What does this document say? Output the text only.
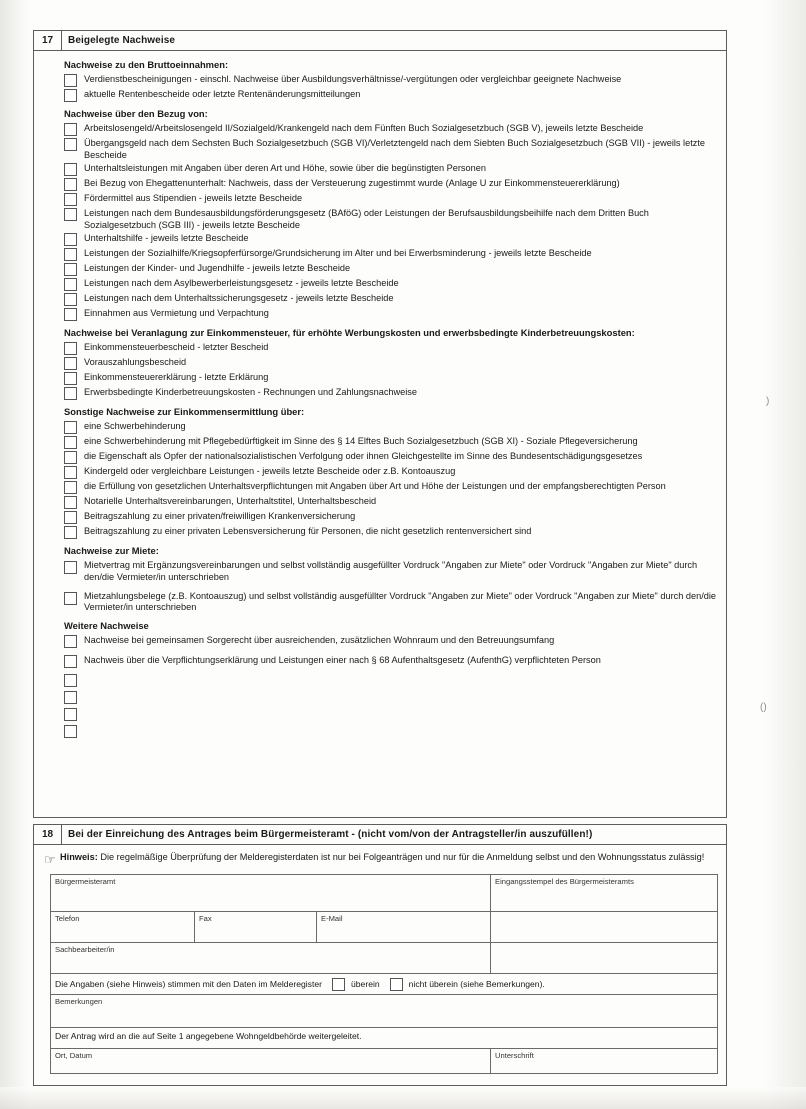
17	Beigelegte Nachweise
Nachweise zu den Bruttoeinnahmen:
Verdienstbescheinigungen - einschl. Nachweise über Ausbildungsverhältnisse/-vergütungen oder vergleichbar geeignete Nachweise
aktuelle Rentenbescheide oder letzte Rentenänderungsmitteilungen
Nachweise über den Bezug von:
Arbeitslosengeld/Arbeitslosengeld II/Sozialgeld/Krankengeld nach dem Fünften Buch Sozialgesetzbuch (SGB V), jeweils letzte Bescheide
Übergangsgeld nach dem Sechsten Buch Sozialgesetzbuch (SGB VI)/Verletztengeld nach dem Siebten Buch Sozialgesetzbuch (SGB VII) - jeweils letzte Bescheide
Unterhaltsleistungen mit Angaben über deren Art und Höhe, sowie über die begünstigten Personen
Bei Bezug von Ehegattenunterhalt: Nachweis, dass der Versteuerung zugestimmt wurde (Anlage U zur Einkommensteuererklärung)
Fördermittel aus Stipendien - jeweils letzte Bescheide
Leistungen nach dem Bundesausbildungsförderungsgesetz (BAföG) oder Leistungen der Berufsausbildungsbeihilfe nach dem Dritten Buch Sozialgesetzbuch (SGB III) - jeweils letzte Bescheide
Unterhaltshilfe - jeweils letzte Bescheide
Leistungen der Sozialhilfe/Kriegsopferfürsorge/Grundsicherung im Alter und bei Erwerbsminderung - jeweils letzte Bescheide
Leistungen der Kinder- und Jugendhilfe - jeweils letzte Bescheide
Leistungen nach dem Asylbewerberleistungsgesetz - jeweils letzte Bescheide
Leistungen nach dem Unterhaltssicherungsgesetz - jeweils letzte Bescheide
Einnahmen aus Vermietung und Verpachtung
Nachweise bei Veranlagung zur Einkommensteuer, für erhöhte Werbungskosten und erwerbsbedingte Kinderbetreuungskosten:
Einkommensteuerbescheid - letzter Bescheid
Vorauszahlungsbescheid
Einkommensteuererklärung - letzte Erklärung
Erwerbsbedingte Kinderbetreuungskosten - Rechnungen und Zahlungsnachweise
Sonstige Nachweise zur Einkommensermittlung über:
eine Schwerbehinderung
eine Schwerbehinderung mit Pflegebedürftigkeit im Sinne des § 14 Elftes Buch Sozialgesetzbuch (SGB XI) - Soziale Pflegeversicherung
die Eigenschaft als Opfer der nationalsozialistischen Verfolgung oder ihnen Gleichgestellte im Sinne des Bundesentschädigungsgesetzes
Kindergeld oder vergleichbare Leistungen - jeweils letzte Bescheide oder z.B. Kontoauszug
die Erfüllung von gesetzlichen Unterhaltsverpflichtungen mit Angaben über Art und Höhe der Leistungen und der empfangsberechtigten Person
Notarielle Unterhaltsvereinbarungen, Unterhaltstitel, Unterhaltsbescheid
Beitragszahlung zu einer privaten/freiwilligen Krankenversicherung
Beitragszahlung zu einer privaten Lebensversicherung für Personen, die nicht gesetzlich rentenversichert sind
Nachweise zur Miete:
Mietvertrag mit Ergänzungsvereinbarungen und selbst vollständig ausgefüllter Vordruck "Angaben zur Miete" oder Vordruck "Angaben zur Miete" durch den/die Vermieter/in unterschrieben
Mietzahlungsbelege (z.B. Kontoauszug) und selbst vollständig ausgefüllter Vordruck "Angaben zur Miete" oder Vordruck "Angaben zur Miete" durch den/die Vermieter/in unterschrieben
Weitere Nachweise
Nachweise bei gemeinsamen Sorgerecht über ausreichenden, zusätzlichen Wohnraum und den Betreuungsumfang
Nachweis über die Verpflichtungserklärung und Leistungen einer nach § 68 Aufenthaltsgesetz (AufenthG) verpflichteten Person
18	Bei der Einreichung des Antrages beim Bürgermeisteramt - (nicht vom/von der Antragsteller/in auszufüllen!)
☞ Hinweis: Die regelmäßige Überprüfung der Melderegisterdaten ist nur bei Folgeanträgen und nur für die Anmeldung selbst und den Wohnungsstatus zulässig!
Bürgermeisteramt	Eingangsstempel des Bürgermeisteramts
Telefon	Fax	E-Mail
Sachbearbeiter/in
Die Angaben (siehe Hinweis) stimmen mit den Daten im Melderegister	überein	nicht überein (siehe Bemerkungen).
Bemerkungen
Der Antrag wird an die auf Seite 1 angegebene Wohngeldbehörde weitergeleitet.
Ort, Datum	Unterschrift
)
()
